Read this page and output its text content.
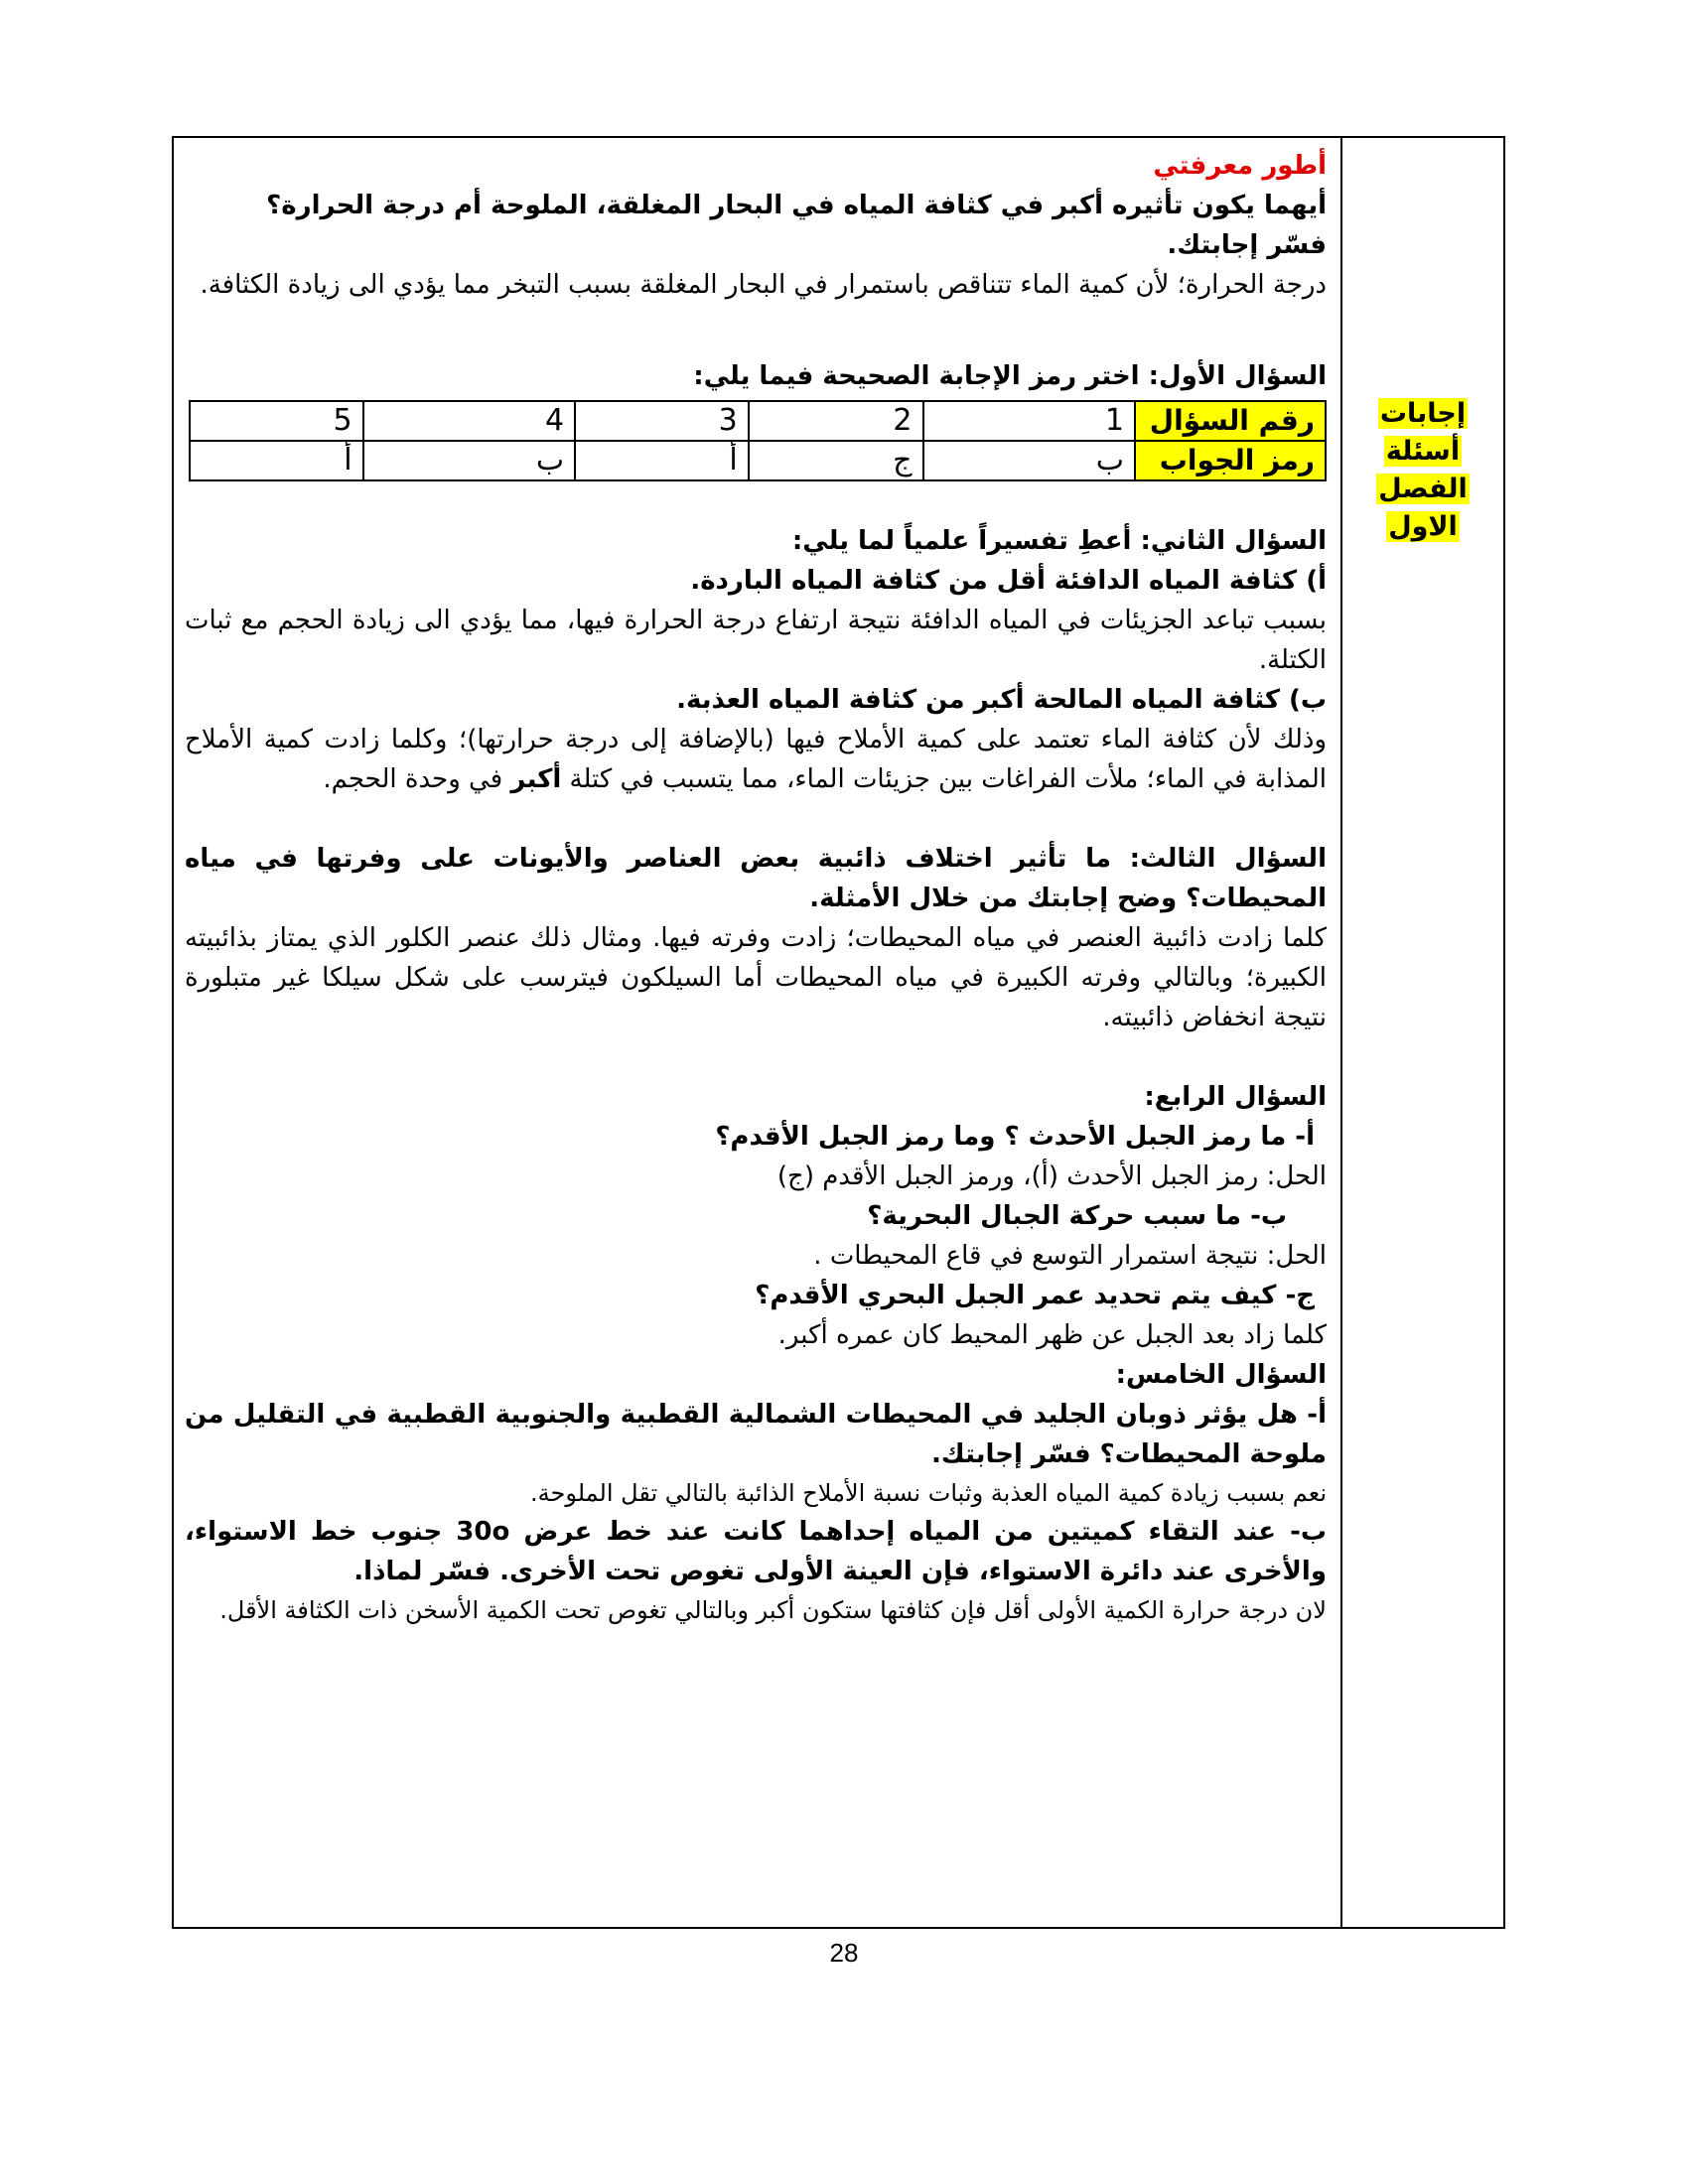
إجابات
أسئلة
الفصل
الاول

أطور معرفتي

أيهما يكون تأثيره أكبر في كثافة المياه في البحار المغلقة، الملوحة أم درجة الحرارة؟

فسّر إجابتك.

درجة الحرارة؛ لأن كمية الماء تتناقص باستمرار في البحار المغلقة بسبب التبخر مما يؤدي الى زيادة الكثافة.

السؤال الأول: اختر رمز الإجابة الصحيحة فيما يلي:

رقم السؤال	1	2	3	4	5
رمز الجواب	ب	ج	أ	ب	أ

السؤال الثاني: أعطِ تفسيراً علمياً لما يلي:

أ) كثافة المياه الدافئة أقل من كثافة المياه الباردة.

بسبب تباعد الجزيئات في المياه الدافئة نتيجة ارتفاع درجة الحرارة فيها، مما يؤدي الى زيادة الحجم مع ثبات الكتلة.

ب) كثافة المياه المالحة أكبر من كثافة المياه العذبة.

وذلك لأن كثافة الماء تعتمد على كمية الأملاح فيها (بالإضافة إلى درجة حرارتها)؛ وكلما زادت كمية الأملاح المذابة في الماء؛ ملأت الفراغات بين جزيئات الماء، مما يتسبب في كتلة أكبر في وحدة الحجم.

السؤال الثالث: ما تأثير اختلاف ذائبية بعض العناصر والأيونات على وفرتها في مياه المحيطات؟ وضح إجابتك من خلال الأمثلة.

كلما زادت ذائبية العنصر في مياه المحيطات؛ زادت وفرته فيها. ومثال ذلك عنصر الكلور الذي يمتاز بذائبيته الكبيرة؛ وبالتالي وفرته الكبيرة في مياه المحيطات أما السيلكون فيترسب على شكل سيلكا غير متبلورة نتيجة انخفاض ذائبيته.

السؤال الرابع:

أ- ما رمز الجبل الأحدث ؟ وما رمز الجبل الأقدم؟

الحل: رمز الجبل الأحدث (أ)، ورمز الجبل الأقدم (ج)

ب- ما سبب حركة الجبال البحرية؟

الحل: نتيجة استمرار التوسع في قاع المحيطات .

ج- كيف يتم تحديد عمر الجبل البحري الأقدم؟

كلما زاد بعد الجبل عن ظهر المحيط كان عمره أكبر.

السؤال الخامس:

أ- هل يؤثر ذوبان الجليد في المحيطات الشمالية القطبية والجنوبية القطبية في التقليل من ملوحة المحيطات؟ فسّر إجابتك.

نعم بسبب زيادة كمية المياه العذبة وثبات نسبة الأملاح الذائبة بالتالي تقل الملوحة.

ب- عند التقاء كميتين من المياه إحداهما كانت عند خط عرض 30o جنوب خط الاستواء، والأخرى عند دائرة الاستواء، فإن العينة الأولى تغوص تحت الأخرى. فسّر لماذا.

لان درجة حرارة الكمية الأولى أقل فإن كثافتها ستكون أكبر وبالتالي تغوص تحت الكمية الأسخن ذات الكثافة الأقل.

28
